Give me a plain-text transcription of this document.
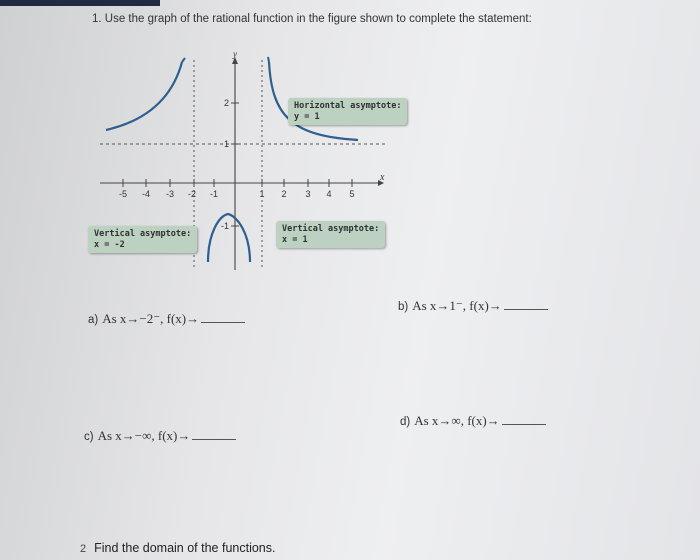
1. Use the graph of the rational function in the figure shown to complete the statement:
y
x
-5 -4 -3 -2 -1	1 2 3 4 5
2
1
-1
Horizontal asymptote:
y = 1
Vertical asymptote:
x = -2
Vertical asymptote:
x = 1
a) As x→−2⁻, f(x)→
b) As x→1⁻, f(x)→
c) As x→−∞, f(x)→
d) As x→∞, f(x)→
2 Find the domain of the functions.
